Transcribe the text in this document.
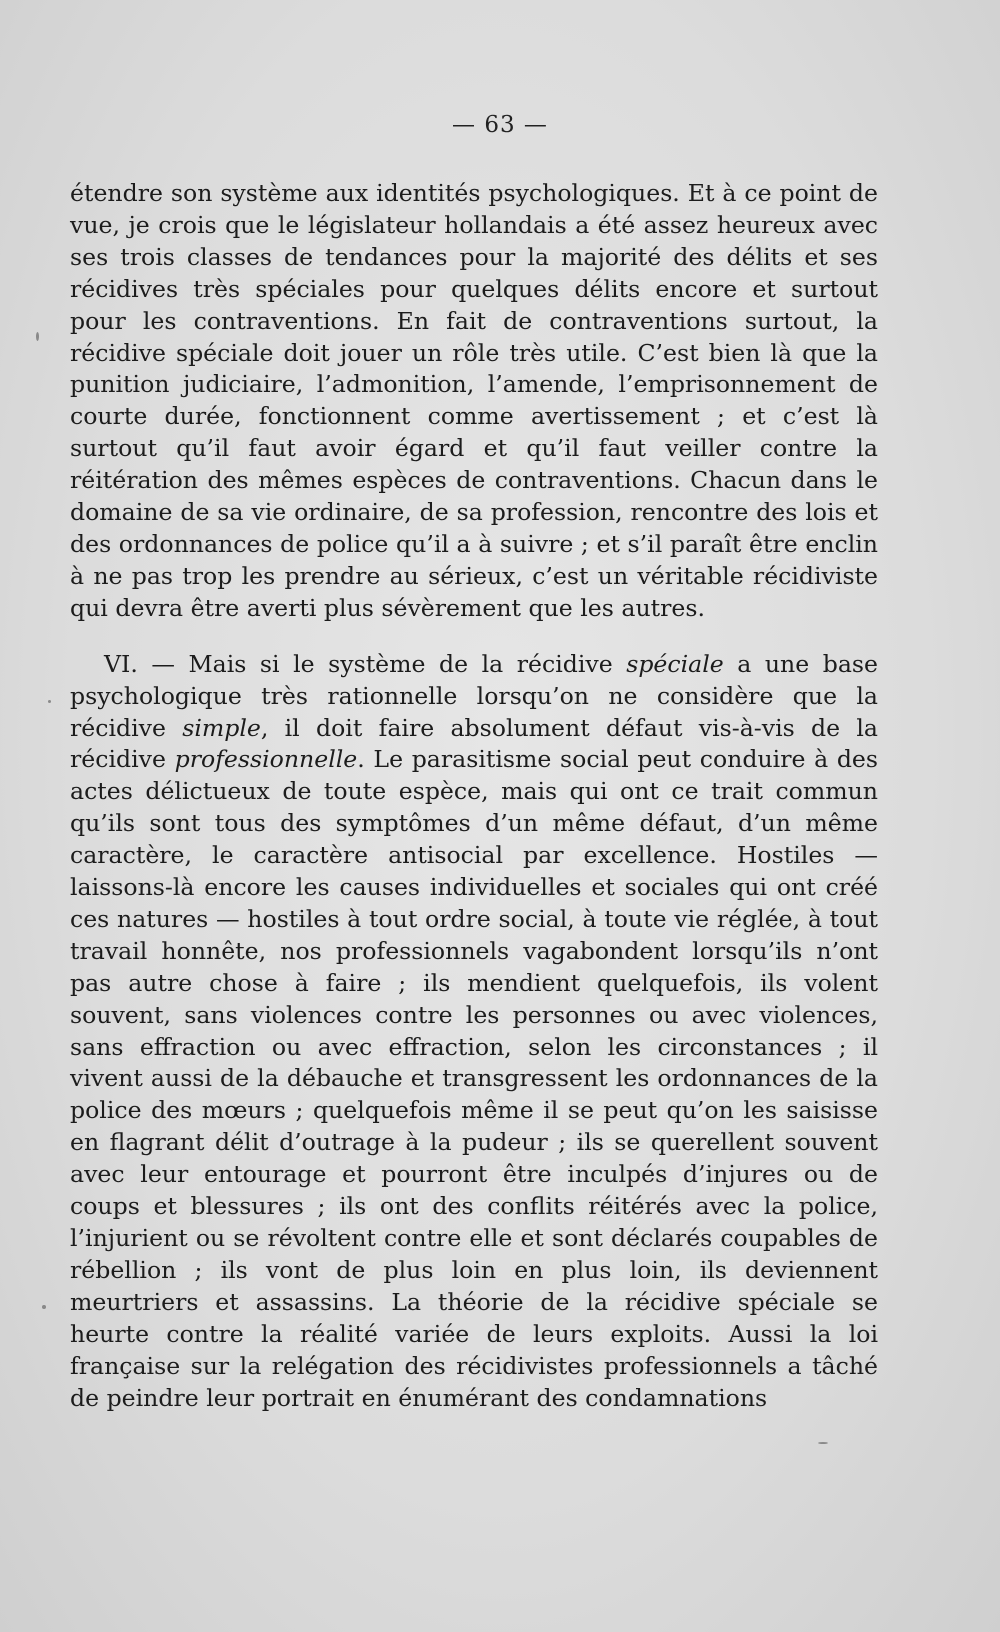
— 63 —

étendre son système aux identités psychologiques. Et à ce point de vue, je crois que le législateur hollandais a été assez heureux avec ses trois classes de tendances pour la majorité des délits et ses récidives très spéciales pour quelques délits encore et surtout pour les contraventions. En fait de contraventions surtout, la récidive spéciale doit jouer un rôle très utile. C’est bien là que la punition judiciaire, l’admonition, l’amende, l’emprisonnement de courte durée, fonctionnent comme avertissement ; et c’est là surtout qu’il faut avoir égard et qu’il faut veiller contre la réitération des mêmes espèces de contraventions. Chacun dans le domaine de sa vie ordinaire, de sa profession, rencontre des lois et des ordonnances de police qu’il a à suivre ; et s’il paraît être enclin à ne pas trop les prendre au sérieux, c’est un véritable récidiviste qui devra être averti plus sévèrement que les autres.

VI. — Mais si le système de la récidive spéciale a une base psychologique très rationnelle lorsqu’on ne considère que la récidive simple, il doit faire absolument défaut vis-à-vis de la récidive professionnelle. Le parasitisme social peut conduire à des actes délictueux de toute espèce, mais qui ont ce trait commun qu’ils sont tous des symptômes d’un même défaut, d’un même caractère, le caractère antisocial par excellence. Hostiles — laissons-là encore les causes individuelles et sociales qui ont créé ces natures — hostiles à tout ordre social, à toute vie réglée, à tout travail honnête, nos professionnels vagabondent lorsqu’ils n’ont pas autre chose à faire ; ils mendient quelquefois, ils volent souvent, sans violences contre les personnes ou avec violences, sans effraction ou avec effraction, selon les circonstances ; il vivent aussi de la débauche et transgressent les ordonnances de la police des mœurs ; quelquefois même il se peut qu’on les saisisse en flagrant délit d’outrage à la pudeur ; ils se querellent souvent avec leur entourage et pourront être inculpés d’injures ou de coups et blessures ; ils ont des conflits réitérés avec la police, l’injurient ou se révoltent contre elle et sont déclarés coupables de rébellion ; ils vont de plus loin en plus loin, ils deviennent meurtriers et assassins. La théorie de la récidive spéciale se heurte contre la réalité variée de leurs exploits. Aussi la loi française sur la relégation des récidivistes professionnels a tâché de peindre leur portrait en énumérant des condamnations
